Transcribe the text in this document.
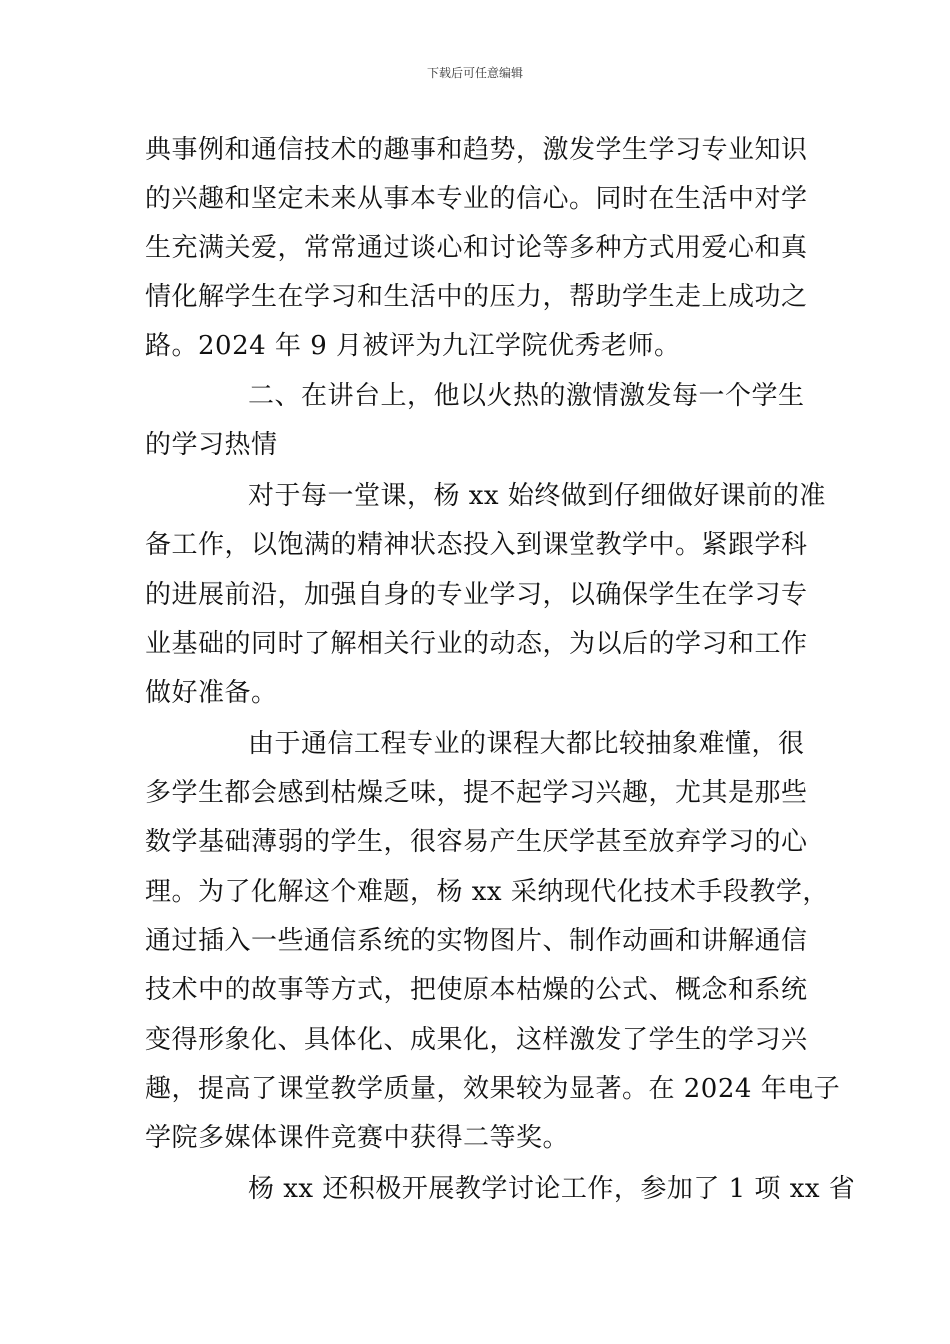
下载后可任意编辑
典事例和通信技术的趣事和趋势，激发学生学习专业知识
的兴趣和坚定未来从事本专业的信心。同时在生活中对学
生充满关爱，常常通过谈心和讨论等多种方式用爱心和真
情化解学生在学习和生活中的压力，帮助学生走上成功之
路。2024 年 9 月被评为九江学院优秀老师。
二、在讲台上，他以火热的激情激发每一个学生
的学习热情
对于每一堂课，杨 xx 始终做到仔细做好课前的准
备工作，以饱满的精神状态投入到课堂教学中。紧跟学科
的进展前沿，加强自身的专业学习，以确保学生在学习专
业基础的同时了解相关行业的动态，为以后的学习和工作
做好准备。
由于通信工程专业的课程大都比较抽象难懂，很
多学生都会感到枯燥乏味，提不起学习兴趣，尤其是那些
数学基础薄弱的学生，很容易产生厌学甚至放弃学习的心
理。为了化解这个难题，杨 xx 采纳现代化技术手段教学，
通过插入一些通信系统的实物图片、制作动画和讲解通信
技术中的故事等方式，把使原本枯燥的公式、概念和系统
变得形象化、具体化、成果化，这样激发了学生的学习兴
趣，提高了课堂教学质量，效果较为显著。在 2024 年电子
学院多媒体课件竞赛中获得二等奖。
杨 xx 还积极开展教学讨论工作，参加了 1 项 xx 省
